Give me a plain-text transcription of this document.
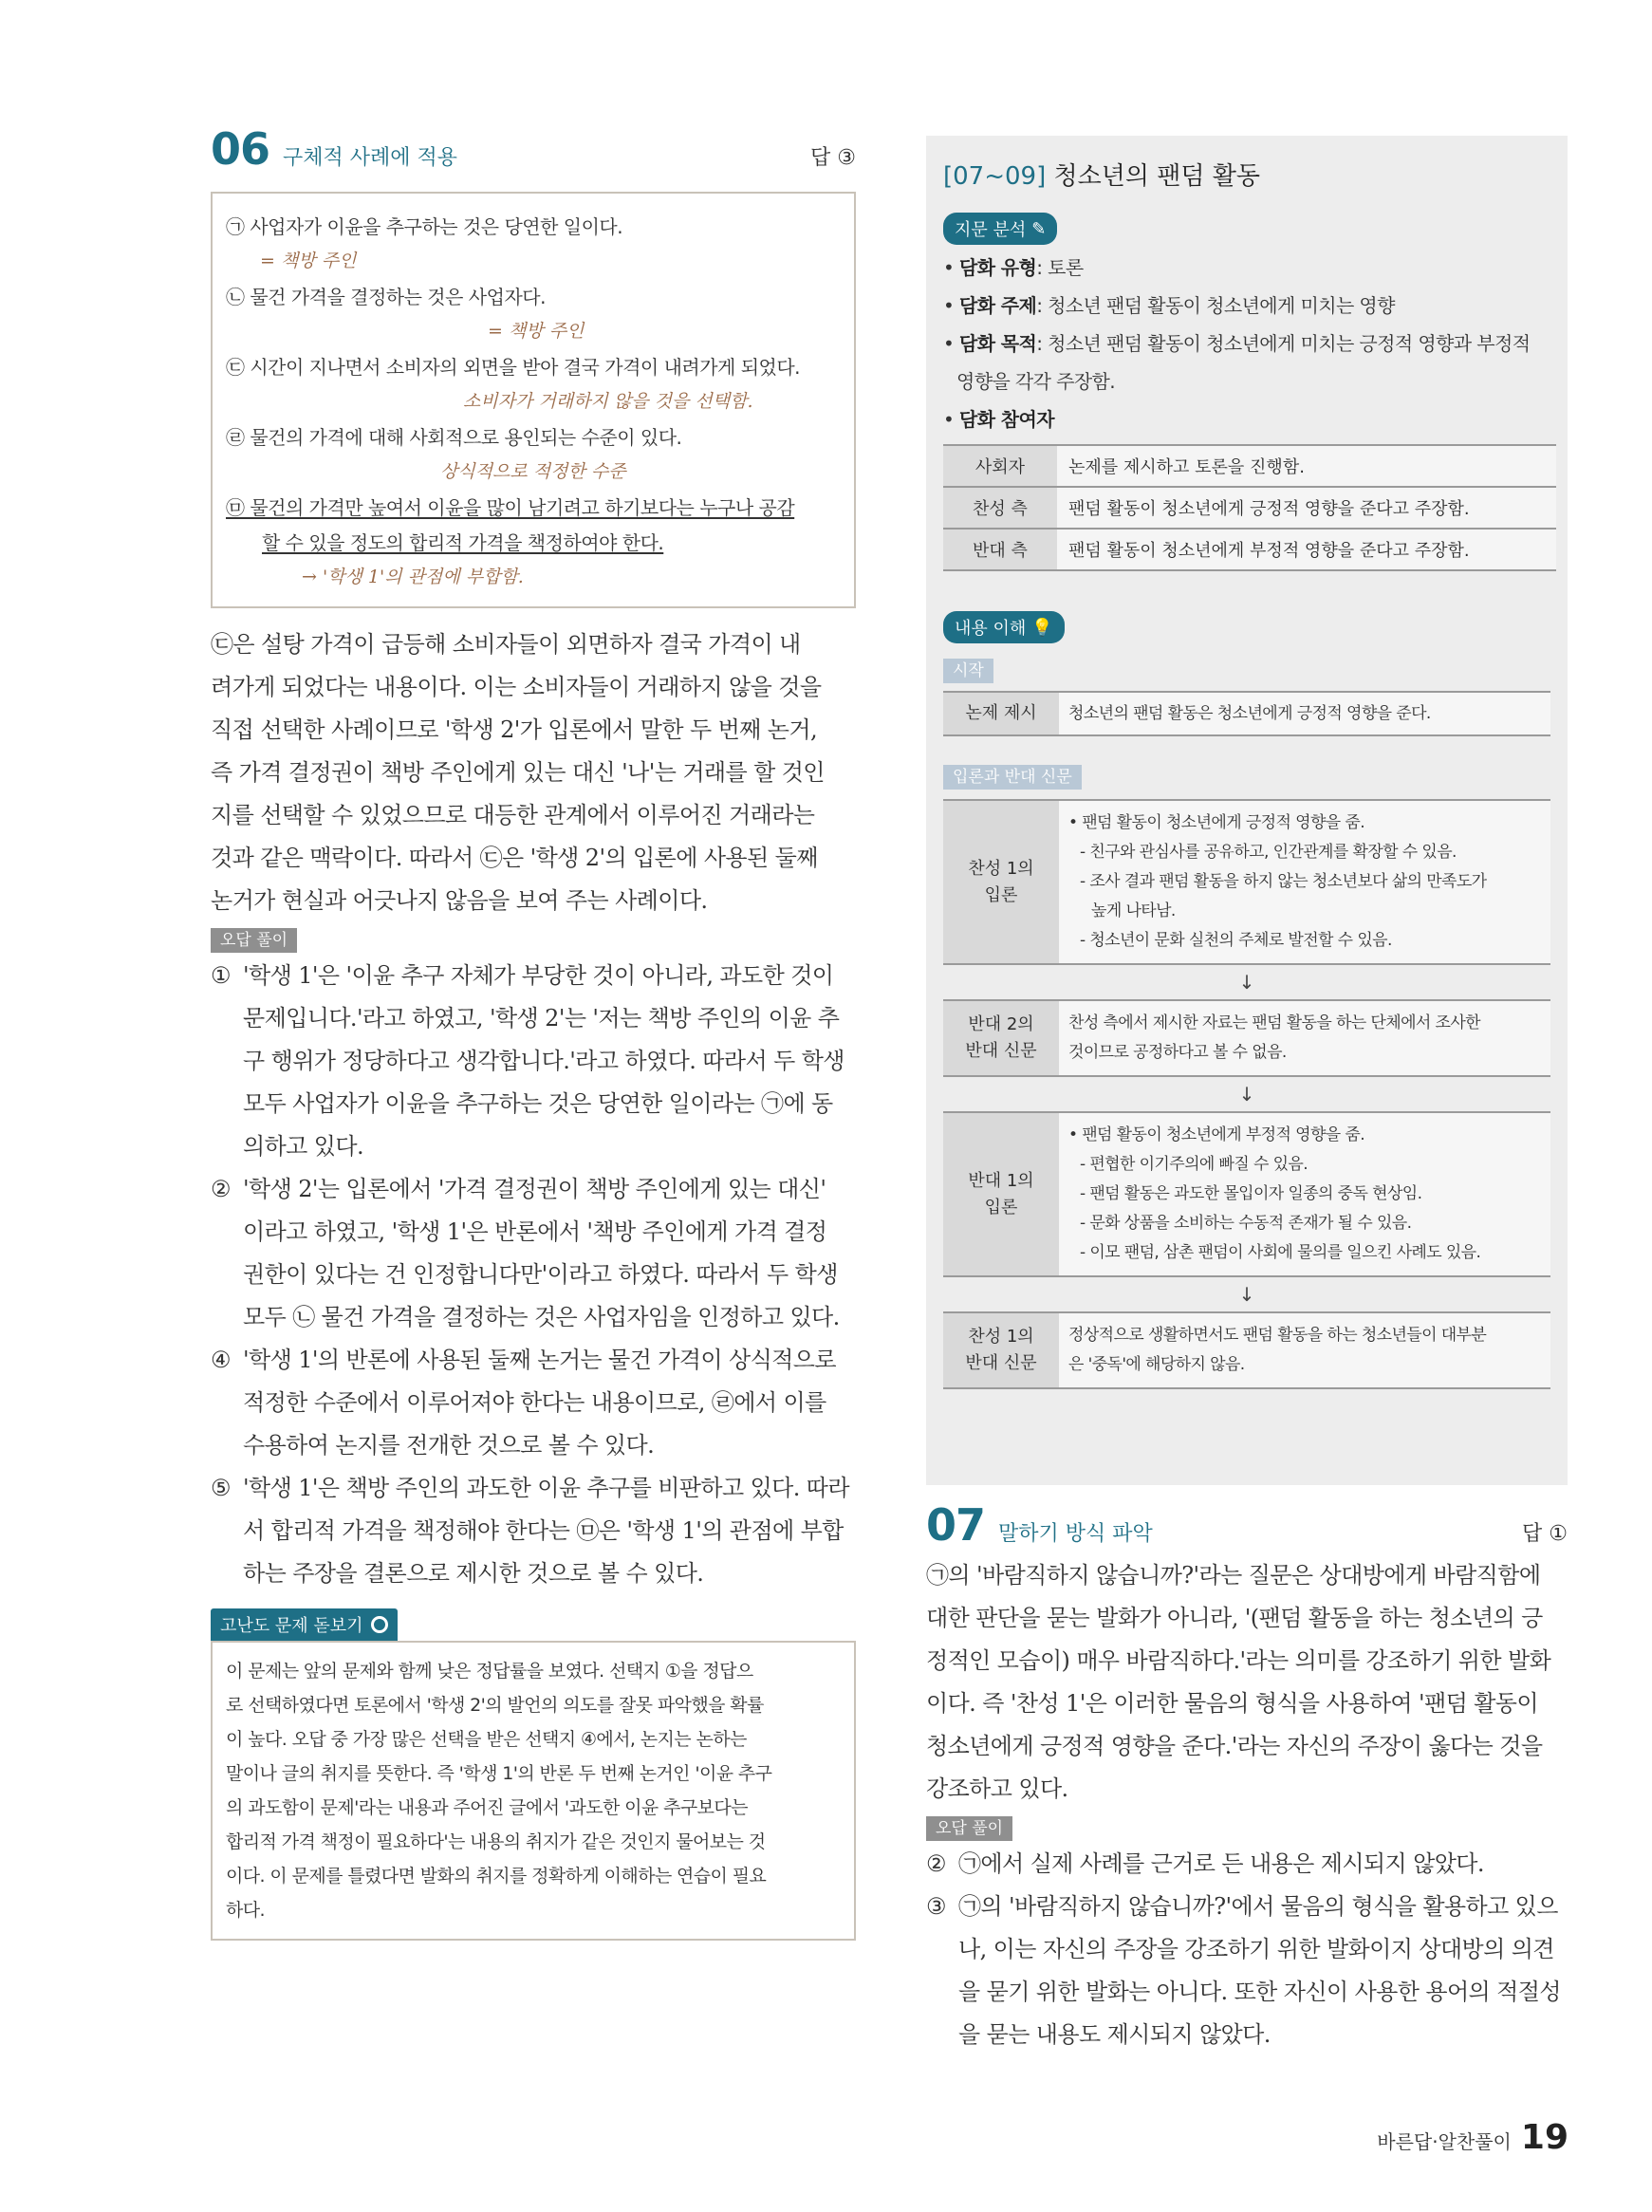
06 구체적 사례에 적용	답 ③
㉠ 사업자가 이윤을 추구하는 것은 당연한 일이다.
= 책방 주인
㉡ 물건 가격을 결정하는 것은 사업자다.
= 책방 주인
㉢ 시간이 지나면서 소비자의 외면을 받아 결국 가격이 내려가게 되었다.
소비자가 거래하지 않을 것을 선택함.
㉣ 물건의 가격에 대해 사회적으로 용인되는 수준이 있다.
상식적으로 적정한 수준
㉤ 물건의 가격만 높여서 이윤을 많이 남기려고 하기보다는 누구나 공감
할 수 있을 정도의 합리적 가격을 책정하여야 한다.
→ '학생 1'의 관점에 부합함.

㉢은 설탕 가격이 급등해 소비자들이 외면하자 결국 가격이 내

려가게 되었다는 내용이다. 이는 소비자들이 거래하지 않을 것을

직접 선택한 사례이므로 '학생 2'가 입론에서 말한 두 번째 논거,

즉 가격 결정권이 책방 주인에게 있는 대신 '나'는 거래를 할 것인

지를 선택할 수 있었으므로 대등한 관계에서 이루어진 거래라는

것과 같은 맥락이다. 따라서 ㉢은 '학생 2'의 입론에 사용된 둘째

논거가 현실과 어긋나지 않음을 보여 주는 사례이다.

오답 풀이
① '학생 1'은 '이윤 추구 자체가 부당한 것이 아니라, 과도한 것이

문제입니다.'라고 하였고, '학생 2'는 '저는 책방 주인의 이윤 추

구 행위가 정당하다고 생각합니다.'라고 하였다. 따라서 두 학생

모두 사업자가 이윤을 추구하는 것은 당연한 일이라는 ㉠에 동

의하고 있다.

② '학생 2'는 입론에서 '가격 결정권이 책방 주인에게 있는 대신'

이라고 하였고, '학생 1'은 반론에서 '책방 주인에게 가격 결정

권한이 있다는 건 인정합니다만'이라고 하였다. 따라서 두 학생

모두 ㉡ 물건 가격을 결정하는 것은 사업자임을 인정하고 있다.

④ '학생 1'의 반론에 사용된 둘째 논거는 물건 가격이 상식적으로

적정한 수준에서 이루어져야 한다는 내용이므로, ㉣에서 이를

수용하여 논지를 전개한 것으로 볼 수 있다.

⑤ '학생 1'은 책방 주인의 과도한 이윤 추구를 비판하고 있다. 따라

서 합리적 가격을 책정해야 한다는 ㉤은 '학생 1'의 관점에 부합

하는 주장을 결론으로 제시한 것으로 볼 수 있다.

고난도 문제 돋보기

이 문제는 앞의 문제와 함께 낮은 정답률을 보였다. 선택지 ①을 정답으

로 선택하였다면 토론에서 '학생 2'의 발언의 의도를 잘못 파악했을 확률

이 높다. 오답 중 가장 많은 선택을 받은 선택지 ④에서, 논지는 논하는

말이나 글의 취지를 뜻한다. 즉 '학생 1'의 반론 두 번째 논거인 '이윤 추구

의 과도함이 문제'라는 내용과 주어진 글에서 '과도한 이윤 추구보다는

합리적 가격 책정이 필요하다'는 내용의 취지가 같은 것인지 물어보는 것

이다. 이 문제를 틀렸다면 발화의 취지를 정확하게 이해하는 연습이 필요

하다.

[07~09] 청소년의 팬덤 활동
지문 분석 ✎
• 담화 유형: 토론
• 담화 주제: 청소년 팬덤 활동이 청소년에게 미치는 영향
• 담화 목적: 청소년 팬덤 활동이 청소년에게 미치는 긍정적 영향과 부정적
영향을 각각 주장함.
• 담화 참여자
사회자	논제를 제시하고 토론을 진행함.
찬성 측	팬덤 활동이 청소년에게 긍정적 영향을 준다고 주장함.
반대 측	팬덤 활동이 청소년에게 부정적 영향을 준다고 주장함.
내용 이해 💡
시작
논제 제시	청소년의 팬덤 활동은 청소년에게 긍정적 영향을 준다.
입론과 반대 신문
찬성 1의
입론

• 팬덤 활동이 청소년에게 긍정적 영향을 줌.

- 친구와 관심사를 공유하고, 인간관계를 확장할 수 있음.

- 조사 결과 팬덤 활동을 하지 않는 청소년보다 삶의 만족도가

높게 나타남.

- 청소년이 문화 실천의 주체로 발전할 수 있음.

↓
반대 2의
반대 신문

찬성 측에서 제시한 자료는 팬덤 활동을 하는 단체에서 조사한

것이므로 공정하다고 볼 수 없음.

↓
반대 1의
입론

• 팬덤 활동이 청소년에게 부정적 영향을 줌.

- 편협한 이기주의에 빠질 수 있음.

- 팬덤 활동은 과도한 몰입이자 일종의 중독 현상임.

- 문화 상품을 소비하는 수동적 존재가 될 수 있음.

- 이모 팬덤, 삼촌 팬덤이 사회에 물의를 일으킨 사례도 있음.

↓
찬성 1의
반대 신문

정상적으로 생활하면서도 팬덤 활동을 하는 청소년들이 대부분

은 '중독'에 해당하지 않음.

07 말하기 방식 파악	답 ①

㉠의 '바람직하지 않습니까?'라는 질문은 상대방에게 바람직함에

대한 판단을 묻는 발화가 아니라, '(팬덤 활동을 하는 청소년의 긍

정적인 모습이) 매우 바람직하다.'라는 의미를 강조하기 위한 발화

이다. 즉 '찬성 1'은 이러한 물음의 형식을 사용하여 '팬덤 활동이

청소년에게 긍정적 영향을 준다.'라는 자신의 주장이 옳다는 것을

강조하고 있다.

오답 풀이
② ㉠에서 실제 사례를 근거로 든 내용은 제시되지 않았다.

③ ㉠의 '바람직하지 않습니까?'에서 물음의 형식을 활용하고 있으

나, 이는 자신의 주장을 강조하기 위한 발화이지 상대방의 의견

을 묻기 위한 발화는 아니다. 또한 자신이 사용한 용어의 적절성

을 묻는 내용도 제시되지 않았다.

바른답·알찬풀이 19
